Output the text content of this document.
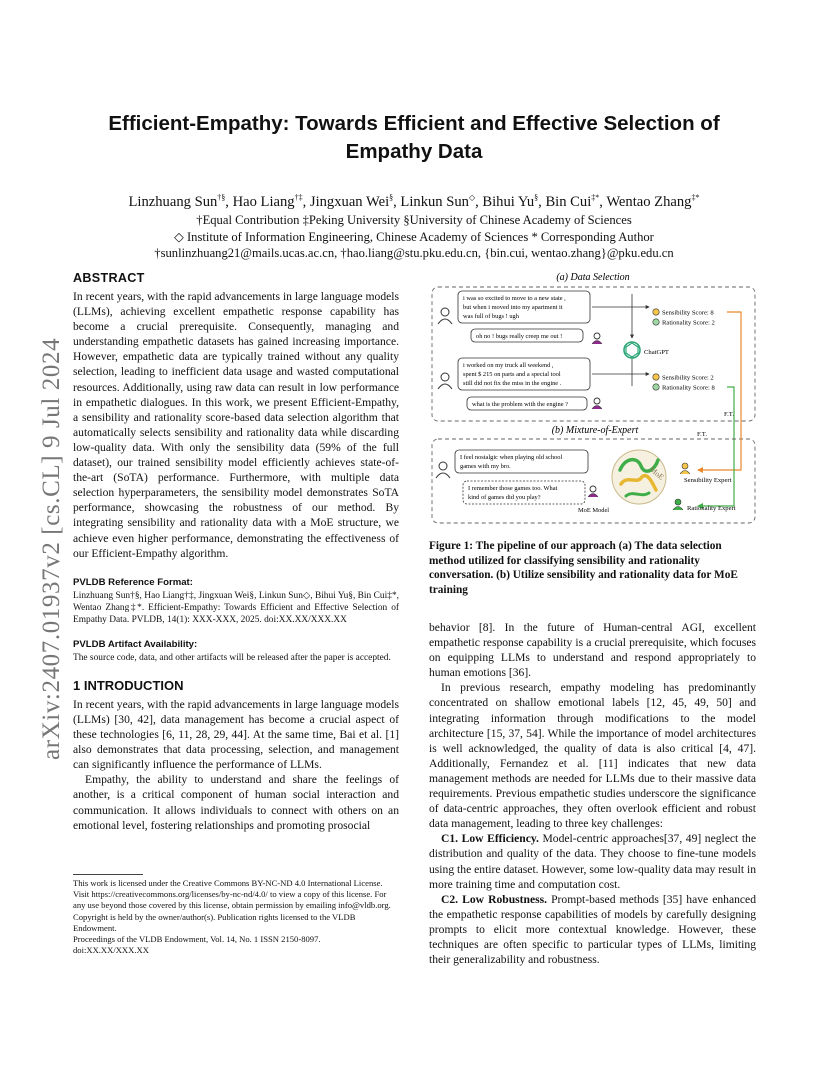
arXiv:2407.01937v2 [cs.CL] 9 Jul 2024
Efficient-Empathy: Towards Efficient and Effective Selection of
Empathy Data
Linzhuang Sun†§, Hao Liang†‡, Jingxuan Wei§, Linkun Sun◇, Bihui Yu§, Bin Cui‡*, Wentao Zhang‡*
†Equal Contribution ‡Peking University §University of Chinese Academy of Sciences
◇ Institute of Information Engineering, Chinese Academy of Sciences * Corresponding Author
†sunlinzhuang21@mails.ucas.ac.cn, †hao.liang@stu.pku.edu.cn, {bin.cui, wentao.zhang}@pku.edu.cn
ABSTRACT

In recent years, with the rapid advancements in large language models (LLMs), achieving excellent empathetic response capability has become a crucial prerequisite. Consequently, managing and understanding empathetic datasets has gained increasing importance. However, empathetic data are typically trained without any quality selection, leading to inefficient data usage and wasted computational resources. Additionally, using raw data can result in low performance in empathetic dialogues. In this work, we present Efficient-Empathy, a sensibility and rationality score-based data selection algorithm that automatically selects sensibility and rationality data while discarding low-quality data. With only the sensibility data (59% of the full dataset), our trained sensibility model efficiently achieves state-of-the-art (SoTA) performance. Furthermore, with multiple data selection hyperparameters, the sensibility model demonstrates SoTA performance, showcasing the robustness of our method. By integrating sensibility and rationality data with a MoE structure, we achieve even higher performance, demonstrating the effectiveness of our Efficient-Empathy algorithm.

PVLDB Reference Format:

Linzhuang Sun†§, Hao Liang†‡, Jingxuan Wei§, Linkun Sun◇, Bihui Yu§, Bin Cui‡*, Wentao Zhang‡*. Efficient-Empathy: Towards Efficient and Effective Selection of Empathy Data. PVLDB, 14(1): XXX-XXX, 2025. doi:XX.XX/XXX.XX

PVLDB Artifact Availability:

The source code, data, and other artifacts will be released after the paper is accepted.

1 INTRODUCTION

In recent years, with the rapid advancements in large language models (LLMs) [30, 42], data management has become a crucial aspect of these technologies [6, 11, 28, 29, 44]. At the same time, Bai et al. [1] also demonstrates that data processing, selection, and management can significantly influence the performance of LLMs.

Empathy, the ability to understand and share the feelings of another, is a critical component of human social interaction and communication. It allows individuals to connect with others on an emotional level, fostering relationships and promoting prosocial

This work is licensed under the Creative Commons BY-NC-ND 4.0 International License. Visit https://creativecommons.org/licenses/by-nc-nd/4.0/ to view a copy of this license. For any use beyond those covered by this license, obtain permission by emailing info@vldb.org. Copyright is held by the owner/author(s). Publication rights licensed to the VLDB Endowment.

Proceedings of the VLDB Endowment, Vol. 14, No. 1 ISSN 2150-8097.

doi:XX.XX/XXX.XX

(a) Data Selection
i was so excited to move to a new state ,
but when i moved into my apartment it
was full of bugs ! ugh
oh no ! bugs really creep me out !
i worked on my truck all weekend ,
spent $ 215 on parts and a special tool
still did not fix the miss in the engine .
what is the problem with the engine ?
ChatGPT
Sensibility Score: 8
Rationality Score: 2
Sensibility Score: 2
Rationality Score: 8
F.T.
(b) Mixture-of-Expert	F.T.
I feel nostalgic when playing old school
games with my bro.
I remember those games too. What
kind of games did you play?
MoE Model
MoE	Sensibility Expert
Rationality Expert
Figure 1: The pipeline of our approach (a) The data selection method utilized for classifying sensibility and rationality conversation. (b) Utilize sensibility and rationality data for MoE training

behavior [8]. In the future of Human-central AGI, excellent empathetic response capability is a crucial prerequisite, which focuses on equipping LLMs to understand and respond appropriately to human emotions [36].

In previous research, empathy modeling has predominantly concentrated on shallow emotional labels [12, 45, 49, 50] and integrating information through modifications to the model architecture [15, 37, 54]. While the importance of model architectures is well acknowledged, the quality of data is also critical [4, 47]. Additionally, Fernandez et al. [11] indicates that new data management methods are needed for LLMs due to their massive data requirements. Previous empathetic studies underscore the significance of data-centric approaches, they often overlook efficient and robust data management, leading to three key challenges:

C1. Low Efficiency. Model-centric approaches[37, 49] neglect the distribution and quality of the data. They choose to fine-tune models using the entire dataset. However, some low-quality data may result in more training time and computation cost.

C2. Low Robustness. Prompt-based methods [35] have enhanced the empathetic response capabilities of models by carefully designing prompts to elicit more contextual knowledge. However, these techniques are often specific to particular types of LLMs, limiting their generalizability and robustness.
